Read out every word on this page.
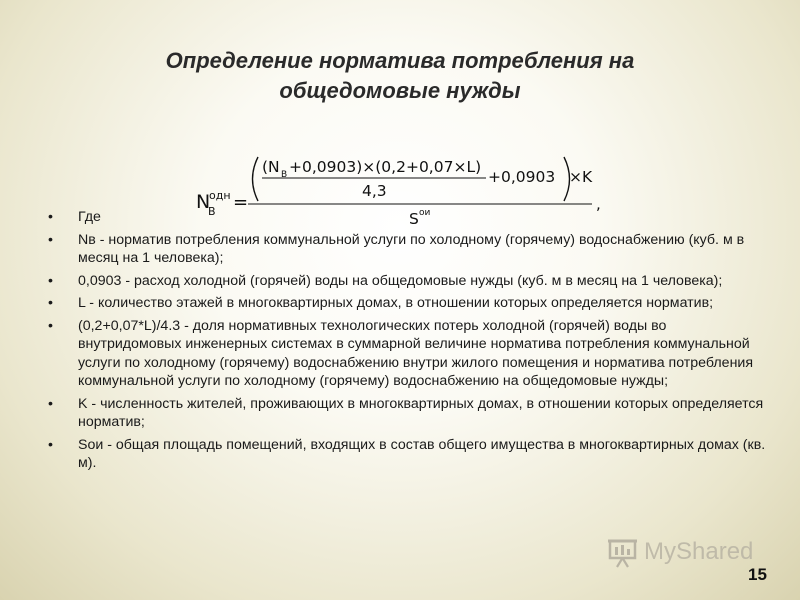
Определение норматива потребления на
общедомовые нужды
N
B
одн =
(N B +0,0903)×(0,2+0,07×L)
4,3
+0,0903 ×K
S ои	,
• Где
• Nв - норматив потребления коммунальной услуги по холодному (горячему) водоснабжению (куб. м в месяц на 1 человека);
• 0,0903 - расход холодной (горячей) воды на общедомовые нужды (куб. м в месяц на 1 человека);
• L - количество этажей в многоквартирных домах, в отношении которых определяется норматив;
• (0,2+0,07*L)/4.3 - доля нормативных технологических потерь холодной (горячей) воды во внутридомовых инженерных системах в суммарной величине норматива потребления коммунальной услуги по холодному (горячему) водоснабжению внутри жилого помещения и норматива потребления коммунальной услуги по холодному (горячему) водоснабжению на общедомовые нужды;
• K - численность жителей, проживающих в многоквартирных домах, в отношении которых определяется норматив;
• Sои - общая площадь помещений, входящих в состав общего имущества в многоквартирных домах (кв. м).
MyShared
15
